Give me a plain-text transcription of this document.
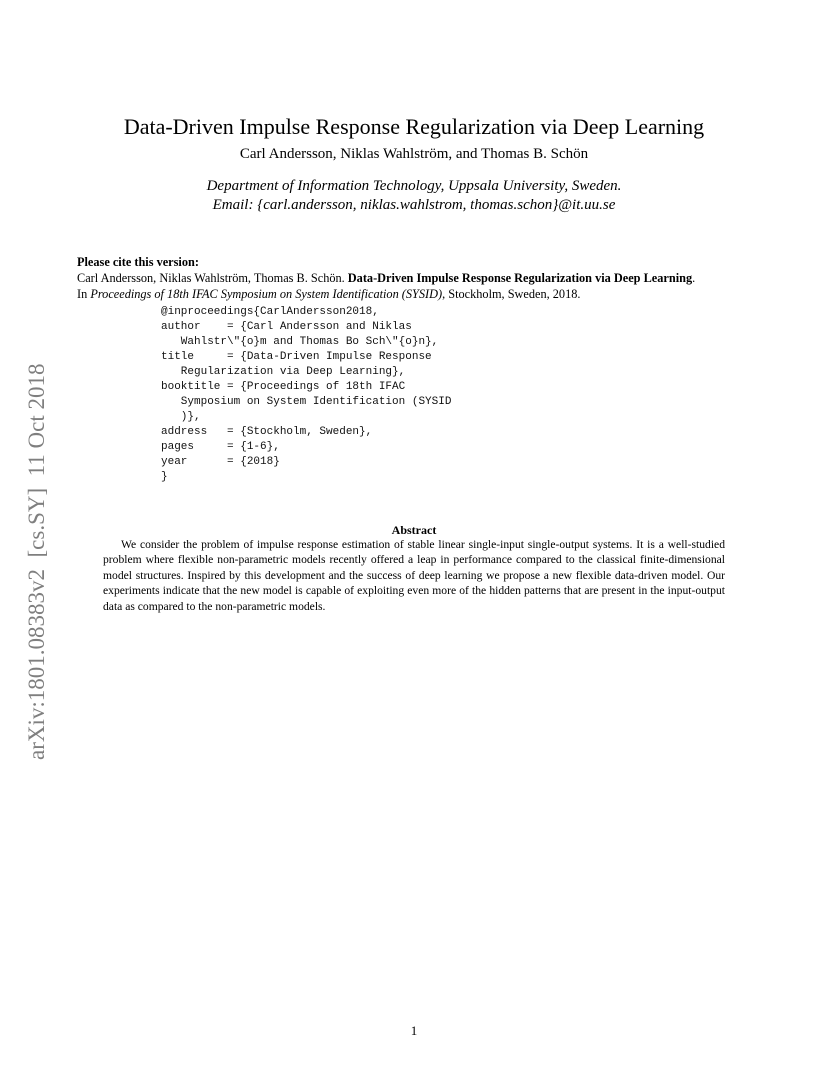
arXiv:1801.08383v2  [cs.SY]  11 Oct 2018
Data-Driven Impulse Response Regularization via Deep Learning
Carl Andersson, Niklas Wahlström, and Thomas B. Schön
Department of Information Technology, Uppsala University, Sweden.
Email: {carl.andersson, niklas.wahlstrom, thomas.schon}@it.uu.se
Please cite this version:
Carl Andersson, Niklas Wahlström, Thomas B. Schön. Data-Driven Impulse Response Regularization via Deep Learning.
In Proceedings of 18th IFAC Symposium on System Identification (SYSID), Stockholm, Sweden, 2018.
@inproceedings{CarlAndersson2018,
author    = {Carl Andersson and Niklas
Wahlstr\"{o}m and Thomas Bo Sch\"{o}n},
title     = {Data-Driven Impulse Response
Regularization via Deep Learning},
booktitle = {Proceedings of 18th IFAC
Symposium on System Identification (SYSID
)},
address   = {Stockholm, Sweden},
pages     = {1-6},
year      = {2018}
}
Abstract

We consider the problem of impulse response estimation of stable linear single-input single-output systems. It is a well-studied problem where flexible non-parametric models recently offered a leap in performance compared to the classical finite-dimensional model structures. Inspired by this development and the success of deep learning we propose a new flexible data-driven model. Our experiments indicate that the new model is capable of exploiting even more of the hidden patterns that are present in the input-output data as compared to the non-parametric models.

1
